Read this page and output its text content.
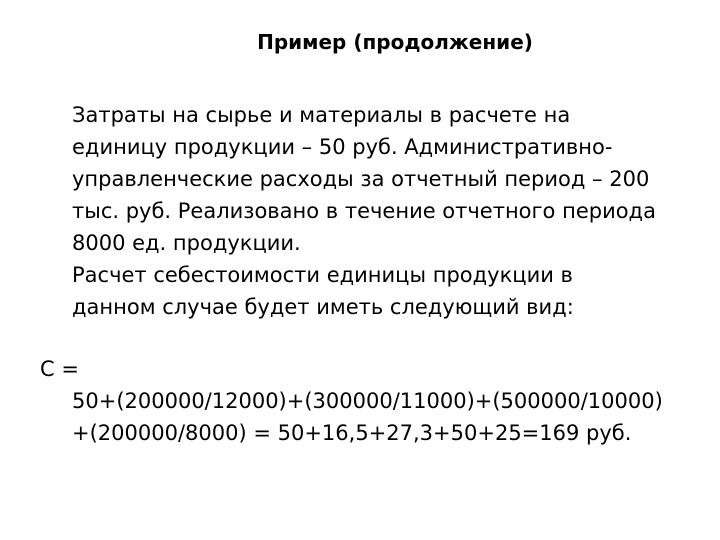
Пример (продолжение)

Затраты на сырье и материалы в расчете на
единицу продукции – 50 руб. Административно-
управленческие расходы за отчетный период – 200
тыс. руб. Реализовано в течение отчетного периода
8000 ед. продукции.

Расчет себестоимости единицы продукции в
данном случае будет иметь следующий вид:

С =
50+(200000/12000)+(300000/11000)+(500000/10000)
+(200000/8000) = 50+16,5+27,3+50+25=169 руб.
